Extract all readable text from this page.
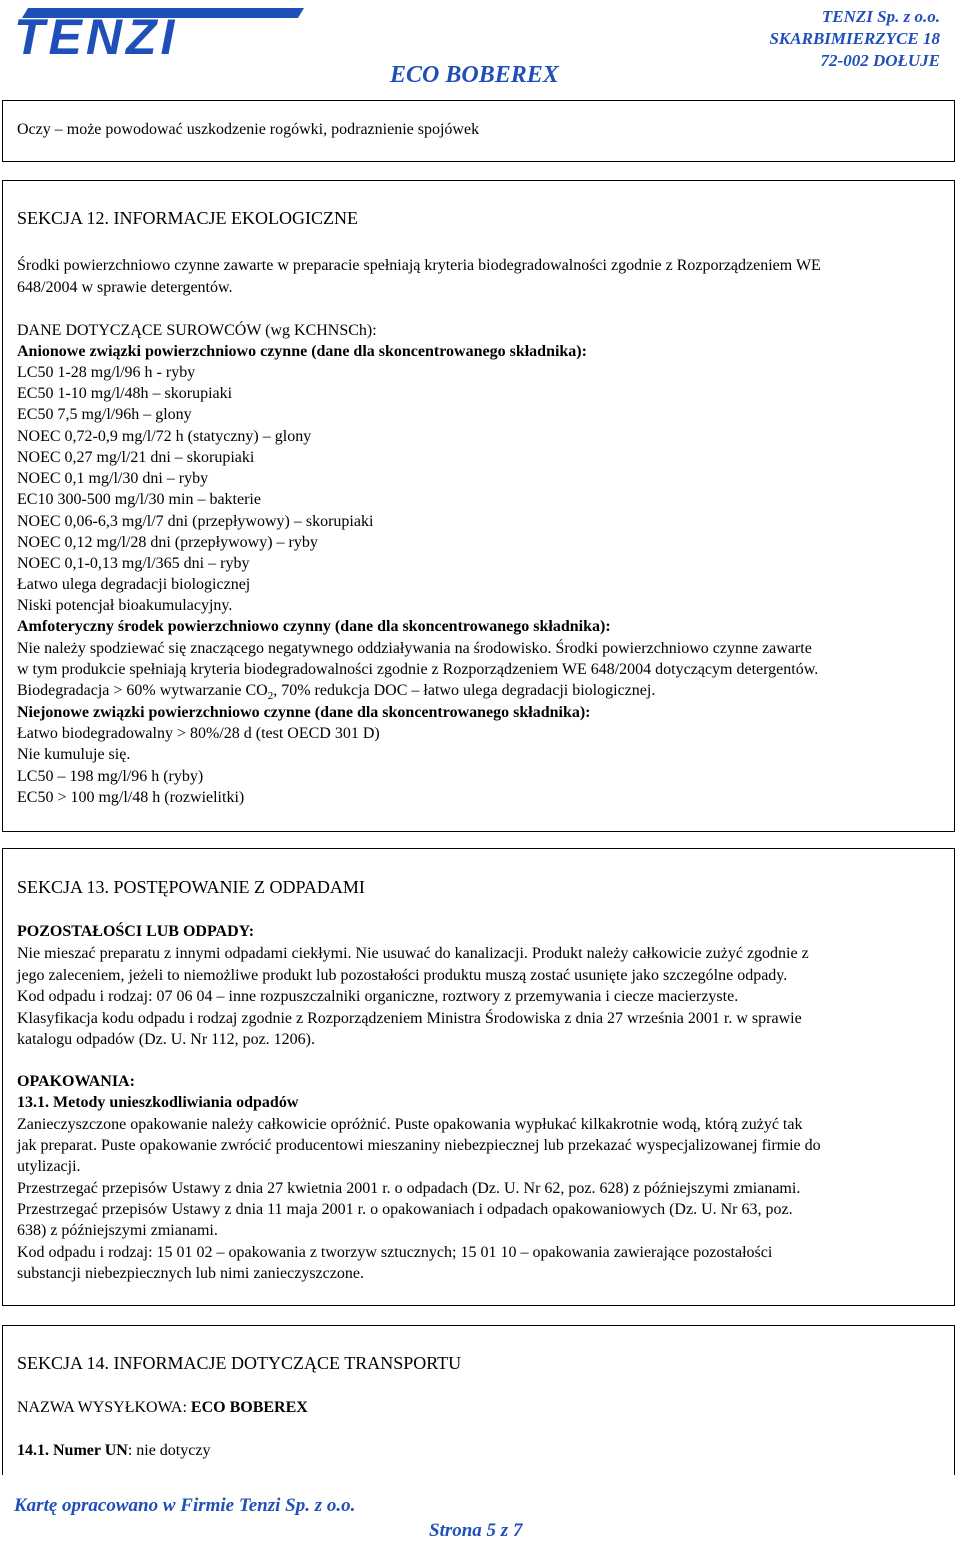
TENZI	TENZI Sp. z o.o.
SKARBIMIERZYCE 18
72-002 DOŁUJE
ECO BOBEREX
Oczy – może powodować uszkodzenie rogówki, podraznienie spojówek
SEKCJA 12. INFORMACJE EKOLOGICZNE
Środki powierzchniowo czynne zawarte w preparacie spełniają kryteria biodegradowalności zgodnie z Rozporządzeniem WE
648/2004 w sprawie detergentów.
DANE DOTYCZĄCE SUROWCÓW (wg KCHNSCh):
Anionowe związki powierzchniowo czynne (dane dla skoncentrowanego składnika):
LC50 1-28 mg/l/96 h - ryby
EC50 1-10 mg/l/48h – skorupiaki
EC50 7,5 mg/l/96h – glony
NOEC 0,72-0,9 mg/l/72 h (statyczny) – glony
NOEC 0,27 mg/l/21 dni – skorupiaki
NOEC 0,1 mg/l/30 dni – ryby
EC10 300-500 mg/l/30 min – bakterie
NOEC 0,06-6,3 mg/l/7 dni (przepływowy) – skorupiaki
NOEC 0,12 mg/l/28 dni (przepływowy) – ryby
NOEC 0,1-0,13 mg/l/365 dni – ryby
Łatwo ulega degradacji biologicznej
Niski potencjał bioakumulacyjny.
Amfoteryczny środek powierzchniowo czynny (dane dla skoncentrowanego składnika):
Nie należy spodziewać się znaczącego negatywnego oddziaływania na środowisko. Środki powierzchniowo czynne zawarte
w tym produkcie spełniają kryteria biodegradowalności zgodnie z Rozporządzeniem WE 648/2004 dotyczącym detergentów.
Biodegradacja > 60% wytwarzanie $CO_2$, 70% redukcja DOC – łatwo ulega degradacji biologicznej.
Niejonowe związki powierzchniowo czynne (dane dla skoncentrowanego składnika):
Łatwo biodegradowalny > 80%/28 d (test OECD 301 D)
Nie kumuluje się.
LC50 – 198 mg/l/96 h (ryby)
EC50 > 100 mg/l/48 h (rozwielitki)
SEKCJA 13. POSTĘPOWANIE Z ODPADAMI
POZOSTAŁOŚCI LUB ODPADY:
Nie mieszać preparatu z innymi odpadami ciekłymi. Nie usuwać do kanalizacji. Produkt należy całkowicie zużyć zgodnie z
jego zaleceniem, jeżeli to niemożliwe produkt lub pozostałości produktu muszą zostać usunięte jako szczególne odpady.
Kod odpadu i rodzaj: 07 06 04 – inne rozpuszczalniki organiczne, roztwory z przemywania i ciecze macierzyste.
Klasyfikacja kodu odpadu i rodzaj zgodnie z Rozporządzeniem Ministra Środowiska z dnia 27 września 2001 r. w sprawie
katalogu odpadów (Dz. U. Nr 112, poz. 1206).
OPAKOWANIA:
13.1. Metody unieszkodliwiania odpadów
Zanieczyszczone opakowanie należy całkowicie opróżnić. Puste opakowania wypłukać kilkakrotnie wodą, którą zużyć tak
jak preparat. Puste opakowanie zwrócić producentowi mieszaniny niebezpiecznej lub przekazać wyspecjalizowanej firmie do
utylizacji.
Przestrzegać przepisów Ustawy z dnia 27 kwietnia 2001 r. o odpadach (Dz. U. Nr 62, poz. 628) z późniejszymi zmianami.
Przestrzegać przepisów Ustawy z dnia 11 maja 2001 r. o opakowaniach i odpadach opakowaniowych (Dz. U. Nr 63, poz.
638) z późniejszymi zmianami.
Kod odpadu i rodzaj: 15 01 02 – opakowania z tworzyw sztucznych; 15 01 10 – opakowania zawierające pozostałości
substancji niebezpiecznych lub nimi zanieczyszczone.
SEKCJA 14. INFORMACJE DOTYCZĄCE TRANSPORTU
NAZWA WYSYŁKOWA: ECO BOBEREX
14.1. Numer UN: nie dotyczy
Kartę opracowano w Firmie Tenzi Sp. z o.o.
Strona 5 z 7
